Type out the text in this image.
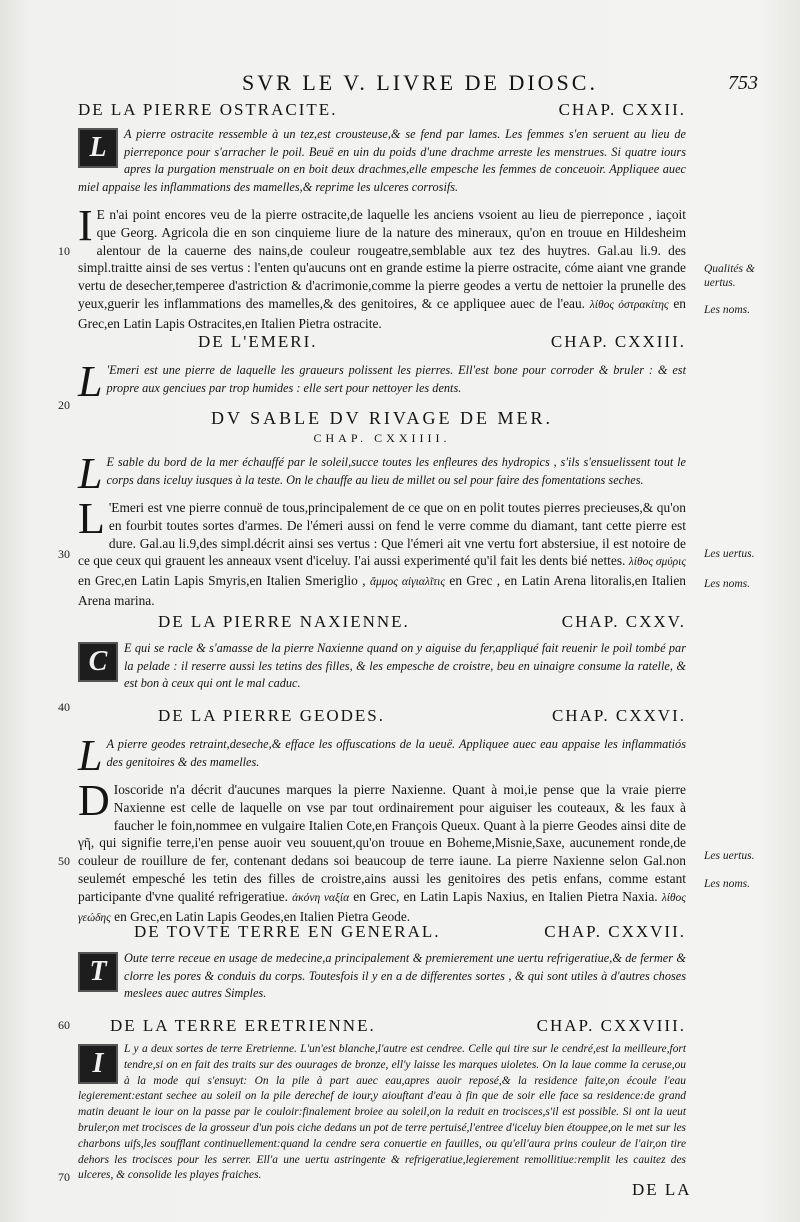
SVR LE V. LIVRE DE DIOSC.	753
DE LA PIERRE OSTRACITE.	CHAP. CXXII.
L	A pierre ostracite ressemble à un tez,est crousteuse,& se fend par lames. Les femmes s'en seruent au lieu de pierreponce pour s'arracher le poil. Beuë en uin du poids d'une drachme arreste les menstrues. Si quatre iours apres la purgation menstruale on en boit deux drachmes,elle empesche les femmes de conceuoir. Appliquee auec miel appaise les inflammations des mamelles,& reprime les ulceres corrosifs.
I E n'ai point encores veu de la pierre ostracite,de laquelle les anciens vsoient au lieu de pierreponce , iaçoit que Georg. Agricola die en son cinquieme liure de la nature des mineraux, qu'on en trouue en Hildesheim alentour de la cauerne des nains,de couleur rougeatre,semblable aux tez des huytres. Gal.au li.9. des simpl.traitte ainsi de ses vertus : l'enten qu'aucuns ont en grande estime la pierre ostracite, cóme aiant vne grande vertu de desecher,temperee d'astriction & d'acrimonie,comme la pierre geodes a vertu de nettoier la prunelle des yeux,guerir les inflammations des mamelles,& des genitoires, & ce appliquee auec de l'eau. λίθος ὀστρακίτης en Grec,en Latin Lapis Ostracites,en Italien Pietra ostracite.
DE L'EMERI.	CHAP. CXXIII.
L 'Emeri est une pierre de laquelle les graueurs polissent les pierres. Ell'est bone pour corroder & bruler : & est propre aux genciues par trop humides : elle sert pour nettoyer les dents.
DV SABLE DV RIVAGE DE MER.
CHAP. CXXIIII.
L E sable du bord de la mer échauffé par le soleil,succe toutes les enfleures des hydropics , s'ils s'ensuelissent tout le corps dans iceluy iusques à la teste. On le chauffe au lieu de millet ou sel pour faire des fomentations seches.
L 'Emeri est vne pierre connuë de tous,principalement de ce que on en polit toutes pierres precieuses,& qu'on en fourbit toutes sortes d'armes. De l'émeri aussi on fend le verre comme du diamant, tant cette pierre est dure. Gal.au li.9,des simpl.décrit ainsi ses vertus : Que l'émeri ait vne vertu fort abstersiue, il est notoire de ce que ceux qui grauent les anneaux vsent d'iceluy. I'ai aussi experimenté qu'il fait les dents bié nettes. λίθος σμύρις en Grec,en Latin Lapis Smyris,en Italien Smeriglio , ἄμμος αἰγιαλῖτις en Grec , en Latin Arena litoralis,en Italien Arena marina.
DE LA PIERRE NAXIENNE.	CHAP. CXXV.
C	E qui se racle & s'amasse de la pierre Naxienne quand on y aiguise du fer,appliqué fait reuenir le poil tombé par la pelade : il reserre aussi les tetins des filles, & les empesche de croistre, beu en uinaigre consume la ratelle, & est bon à ceux qui ont le mal caduc.
DE LA PIERRE GEODES.	CHAP. CXXVI.
L A pierre geodes retraint,deseche,& efface les offuscations de la ueuë. Appliquee auec eau appaise les inflammatiós des genitoires & des mamelles.
D Ioscoride n'a décrit d'aucunes marques la pierre Naxienne. Quant à moi,ie pense que la vraie pierre Naxienne est celle de laquelle on vse par tout ordinairement pour aiguiser les couteaux, & les faux à faucher le foin,nommee en vulgaire Italien Cote,en François Queux. Quant à la pierre Geodes ainsi dite de γῆ, qui signifie terre,i'en pense auoir veu souuent,qu'on trouue en Boheme,Misnie,Saxe, aucunement ronde,de couleur de rouillure de fer, contenant dedans soi beaucoup de terre iaune. La pierre Naxienne selon Gal.non seulemét empesché les tetin des filles de croistre,ains aussi les genitoires des petis enfans, comme estant participante d'vne qualité refrigeratiue. ἀκόνη ναξία en Grec, en Latin Lapis Naxius, en Italien Pietra Naxia. λίθος γεώδης en Grec,en Latin Lapis Geodes,en Italien Pietra Geode.
DE TOVTE TERRE EN GENERAL.	CHAP. CXXVII.
T	Oute terre receue en usage de medecine,a principalement & premierement une uertu refrigeratiue,& de fermer & clorre les pores & conduis du corps. Toutesfois il y en a de differentes sortes , & qui sont utiles à d'autres choses meslees auec autres Simples.
DE LA TERRE ERETRIENNE.	CHAP. CXXVIII.
I	L y a deux sortes de terre Eretrienne. L'un'est blanche,l'autre est cendree. Celle qui tire sur le cendré,est la meilleure,fort tendre,si on en fait des traits sur des ouurages de bronze, ell'y laisse les marques uioletes. On la laue comme la ceruse,ou à la mode qui s'ensuyt: On la pile à part auec eau,apres auoir reposé,& la residence faite,on écoule l'eau legierement:estant sechee au soleil on la pile derechef de iour,y aiouftant d'eau à fin que de soir elle face sa residence:de grand matin deuant le iour on la passe par le couloir:finalement broiee au soleil,on la reduit en trocisces,s'il est possible. Si ont la ueut bruler,on met trocisces de la grosseur d'un pois ciche dedans un pot de terre pertuisé,l'entree d'iceluy bien étouppee,on le met sur les charbons uifs,les soufflant continuellement:quand la cendre sera conuertie en fauilles, ou qu'ell'aura prins couleur de l'air,on tire dehors les trocisces pour les serrer. Ell'a une uertu astringente & refrigeratiue,legierement remollitiue:remplit les cauitez des ulceres, & consolide les playes fraiches.
10
20
30
40
50
60
70
Qualités & uertus.
Les noms.
Les uertus.
Les noms.
Les uertus.
Les noms.
DE LA
